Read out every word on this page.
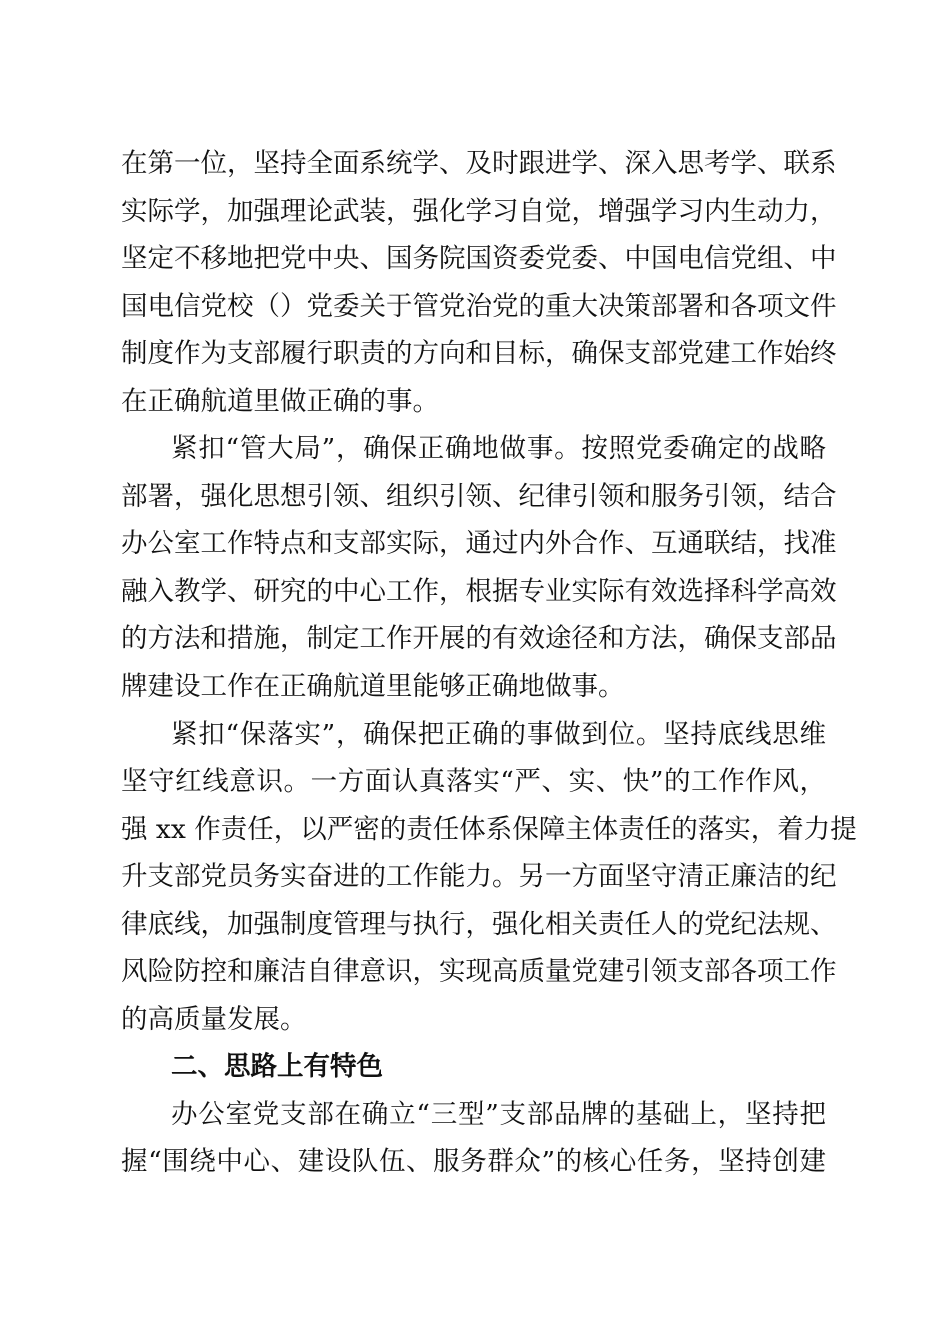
在第一位，坚持全面系统学、及时跟进学、深入思考学、联系
实际学，加强理论武装，强化学习自觉，增强学习内生动力，
坚定不移地把党中央、国务院国资委党委、中国电信党组、中
国电信党校（）党委关于管党治党的重大决策部署和各项文件
制度作为支部履行职责的方向和目标，确保支部党建工作始终
在正确航道里做正确的事。
紧扣“管大局”，确保正确地做事。按照党委确定的战略
部署，强化思想引领、组织引领、纪律引领和服务引领，结合
办公室工作特点和支部实际，通过内外合作、互通联结，找准
融入教学、研究的中心工作，根据专业实际有效选择科学高效
的方法和措施，制定工作开展的有效途径和方法，确保支部品
牌建设工作在正确航道里能够正确地做事。
紧扣“保落实”，确保把正确的事做到位。坚持底线思维
坚守红线意识。一方面认真落实“严、实、快”的工作作风，
强 xx 作责任，以严密的责任体系保障主体责任的落实，着力提
升支部党员务实奋进的工作能力。另一方面坚守清正廉洁的纪
律底线，加强制度管理与执行，强化相关责任人的党纪法规、
风险防控和廉洁自律意识，实现高质量党建引领支部各项工作
的高质量发展。
二、思路上有特色
办公室党支部在确立“三型”支部品牌的基础上，坚持把
握“围绕中心、建设队伍、服务群众”的核心任务，坚持创建
